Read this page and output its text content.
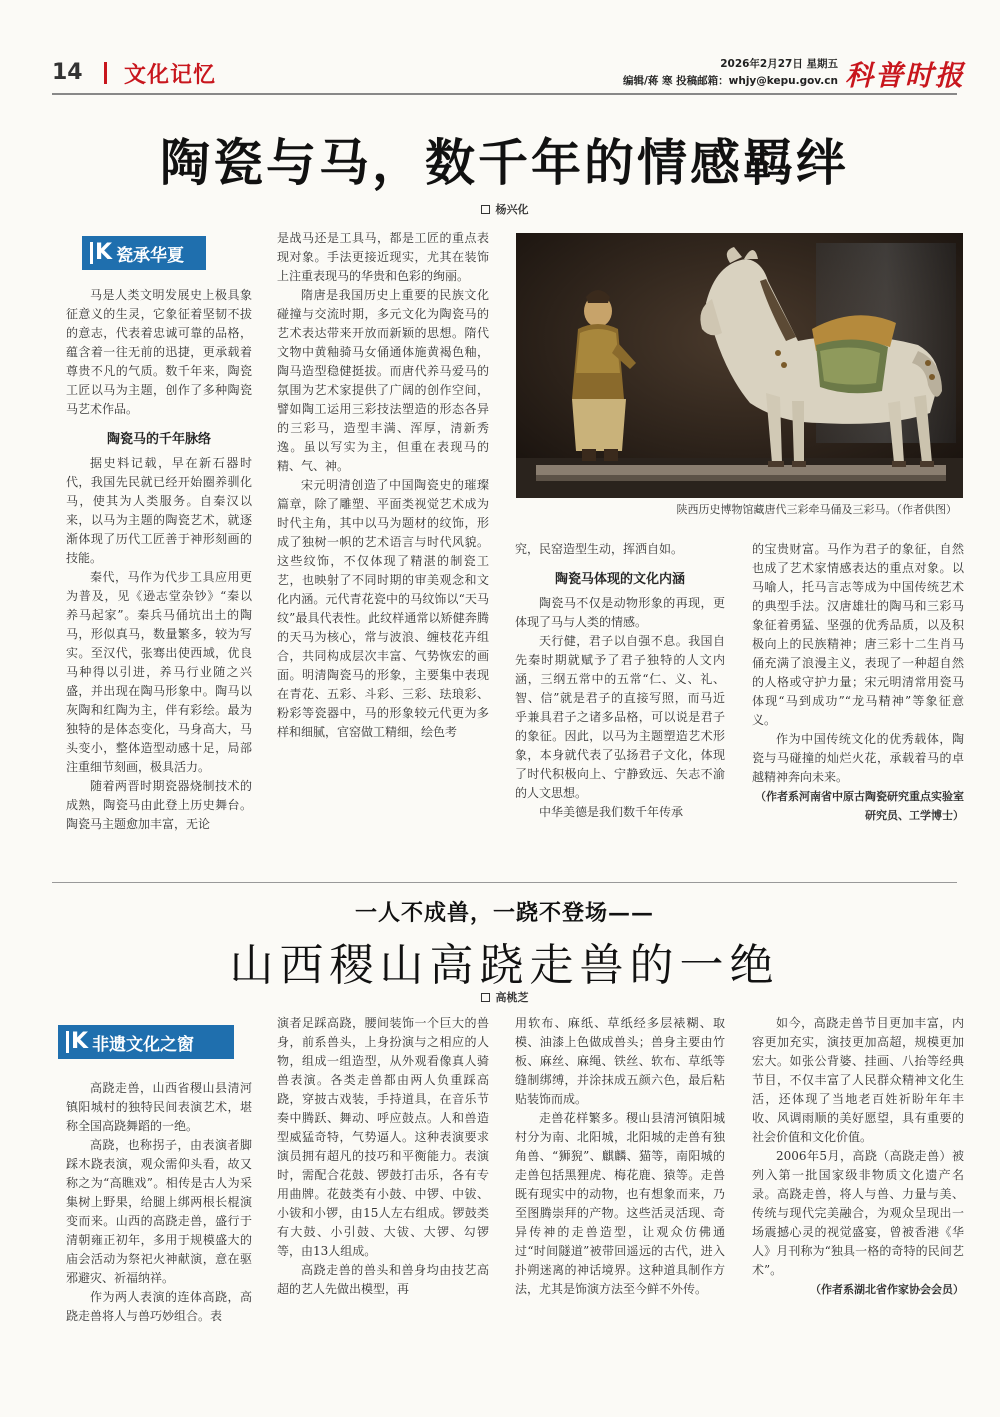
14 文化记忆	2026年2月27日 星期五
编辑/蒋 寒 投稿邮箱：whjy@kepu.gov.cn 科普时报
陶瓷与马，数千年的情感羁绊
杨兴化
K 瓷承华夏

马是人类文明发展史上极具象征意义的生灵，它象征着坚韧不拔的意志，代表着忠诚可靠的品格，蕴含着一往无前的迅捷，更承载着尊贵不凡的气质。数千年来，陶瓷工匠以马为主题，创作了多种陶瓷马艺术作品。

陶瓷马的千年脉络

据史料记载，早在新石器时代，我国先民就已经开始圈养驯化马，使其为人类服务。自秦汉以来，以马为主题的陶瓷艺术，就逐渐体现了历代工匠善于神形刻画的技能。

秦代，马作为代步工具应用更为普及，见《逊志堂杂钞》“秦以养马起家”。秦兵马俑坑出土的陶马，形似真马，数量繁多，较为写实。至汉代，张骞出使西域，优良马种得以引进，养马行业随之兴盛，并出现在陶马形象中。陶马以灰陶和红陶为主，伴有彩绘。最为独特的是体态变化，马身高大，马头变小，整体造型动感十足，局部注重细节刻画，极具活力。

随着两晋时期瓷器烧制技术的成熟，陶瓷马由此登上历史舞台。陶瓷马主题愈加丰富，无论

是战马还是工具马，都是工匠的重点表现对象。手法更接近现实，尤其在装饰上注重表现马的华贵和色彩的绚丽。

隋唐是我国历史上重要的民族文化碰撞与交流时期，多元文化为陶瓷马的艺术表达带来开放而新颖的思想。隋代文物中黄釉骑马女俑通体施黄褐色釉，陶马造型稳健挺拔。而唐代养马爱马的氛围为艺术家提供了广阔的创作空间，譬如陶工运用三彩技法塑造的形态各异的三彩马，造型丰满、浑厚，清新秀逸。虽以写实为主，但重在表现马的精、气、神。

宋元明清创造了中国陶瓷史的璀璨篇章，除了雕塑、平面类视觉艺术成为时代主角，其中以马为题材的纹饰，形成了独树一帜的艺术语言与时代风貌。这些纹饰，不仅体现了精湛的制瓷工艺，也映射了不同时期的审美观念和文化内涵。元代青花瓷中的马纹饰以“天马纹”最具代表性。此纹样通常以矫健奔腾的天马为核心，常与波浪、缠枝花卉组合，共同构成层次丰富、气势恢宏的画面。明清陶瓷马的形象，主要集中表现在青花、五彩、斗彩、三彩、珐琅彩、粉彩等瓷器中，马的形象较元代更为多样和细腻，官窑做工精细，绘色考

陕西历史博物馆藏唐代三彩牵马俑及三彩马。（作者供图）

究，民窑造型生动，挥洒自如。

陶瓷马体现的文化内涵

陶瓷马不仅是动物形象的再现，更体现了马与人类的情感。

天行健，君子以自强不息。我国自先秦时期就赋予了君子独特的人文内涵，三纲五常中的五常“仁、义、礼、智、信”就是君子的直接写照，而马近乎兼具君子之诸多品格，可以说是君子的象征。因此，以马为主题塑造艺术形象，本身就代表了弘扬君子文化，体现了时代积极向上、宁静致远、矢志不渝的人文思想。

中华美德是我们数千年传承

的宝贵财富。马作为君子的象征，自然也成了艺术家情感表达的重点对象。以马喻人，托马言志等成为中国传统艺术的典型手法。汉唐雄壮的陶马和三彩马象征着勇猛、坚强的优秀品质，以及积极向上的民族精神；唐三彩十二生肖马俑充满了浪漫主义，表现了一种超自然的人格或守护力量；宋元明清常用瓷马体现“马到成功”“龙马精神”等象征意义。

作为中国传统文化的优秀载体，陶瓷与马碰撞的灿烂火花，承载着马的卓越精神奔向未来。

（作者系河南省中原古陶瓷研究重点实验室研究员、工学博士）

一人不成兽，一跷不登场——
山西稷山高跷走兽的一绝
高桃芝
K 非遗文化之窗

高跷走兽，山西省稷山县清河镇阳城村的独特民间表演艺术，堪称全国高跷舞蹈的一绝。

高跷，也称拐子，由表演者脚踩木跷表演，观众需仰头看，故又称之为“高瞧戏”。相传是古人为采集树上野果，给腿上绑两根长棍演变而来。山西的高跷走兽，盛行于清朝雍正初年，多用于规模盛大的庙会活动为祭祀火神献演，意在驱邪避灾、祈福纳祥。

作为两人表演的连体高跷，高跷走兽将人与兽巧妙组合。表

演者足踩高跷，腰间装饰一个巨大的兽身，前系兽头，上身扮演与之相应的人物，组成一组造型，从外观看像真人骑兽表演。各类走兽都由两人负重踩高跷，穿披古戏装，手持道具，在音乐节奏中腾跃、舞动、呼应鼓点。人和兽造型威猛奇特，气势逼人。这种表演要求演员拥有超凡的技巧和平衡能力。表演时，需配合花鼓、锣鼓打击乐，各有专用曲牌。花鼓类有小鼓、中锣、中钹、小钹和小锣，由15人左右组成。锣鼓类有大鼓、小引鼓、大钹、大锣、勾锣等，由13人组成。

高跷走兽的兽头和兽身均由技艺高超的艺人先做出模型，再

用软布、麻纸、草纸经多层裱糊、取模、油漆上色做成兽头；兽身主要由竹板、麻丝、麻绳、铁丝、软布、草纸等缝制绑缚，并涂抹成五颜六色，最后粘贴装饰而成。

走兽花样繁多。稷山县清河镇阳城村分为南、北阳城，北阳城的走兽有独角兽、“狮猊”、麒麟、猫等，南阳城的走兽包括黑狸虎、梅花鹿、猿等。走兽既有现实中的动物，也有想象而来，乃至图腾崇拜的产物。这些活灵活现、奇异传神的走兽造型，让观众仿佛通过“时间隧道”被带回遥远的古代，进入扑朔迷离的神话境界。这种道具制作方法，尤其是饰演方法至今鲜不外传。

如今，高跷走兽节目更加丰富，内容更加充实，演技更加高超，规模更加宏大。如张公背婆、挂画、八抬等经典节目，不仅丰富了人民群众精神文化生活，还体现了当地老百姓祈盼年年丰收、风调雨顺的美好愿望，具有重要的社会价值和文化价值。

2006年5月，高跷（高跷走兽）被列入第一批国家级非物质文化遗产名录。高跷走兽，将人与兽、力量与美、传统与现代完美融合，为观众呈现出一场震撼心灵的视觉盛宴，曾被香港《华人》月刊称为“独具一格的奇特的民间艺术”。

（作者系湖北省作家协会会员）
